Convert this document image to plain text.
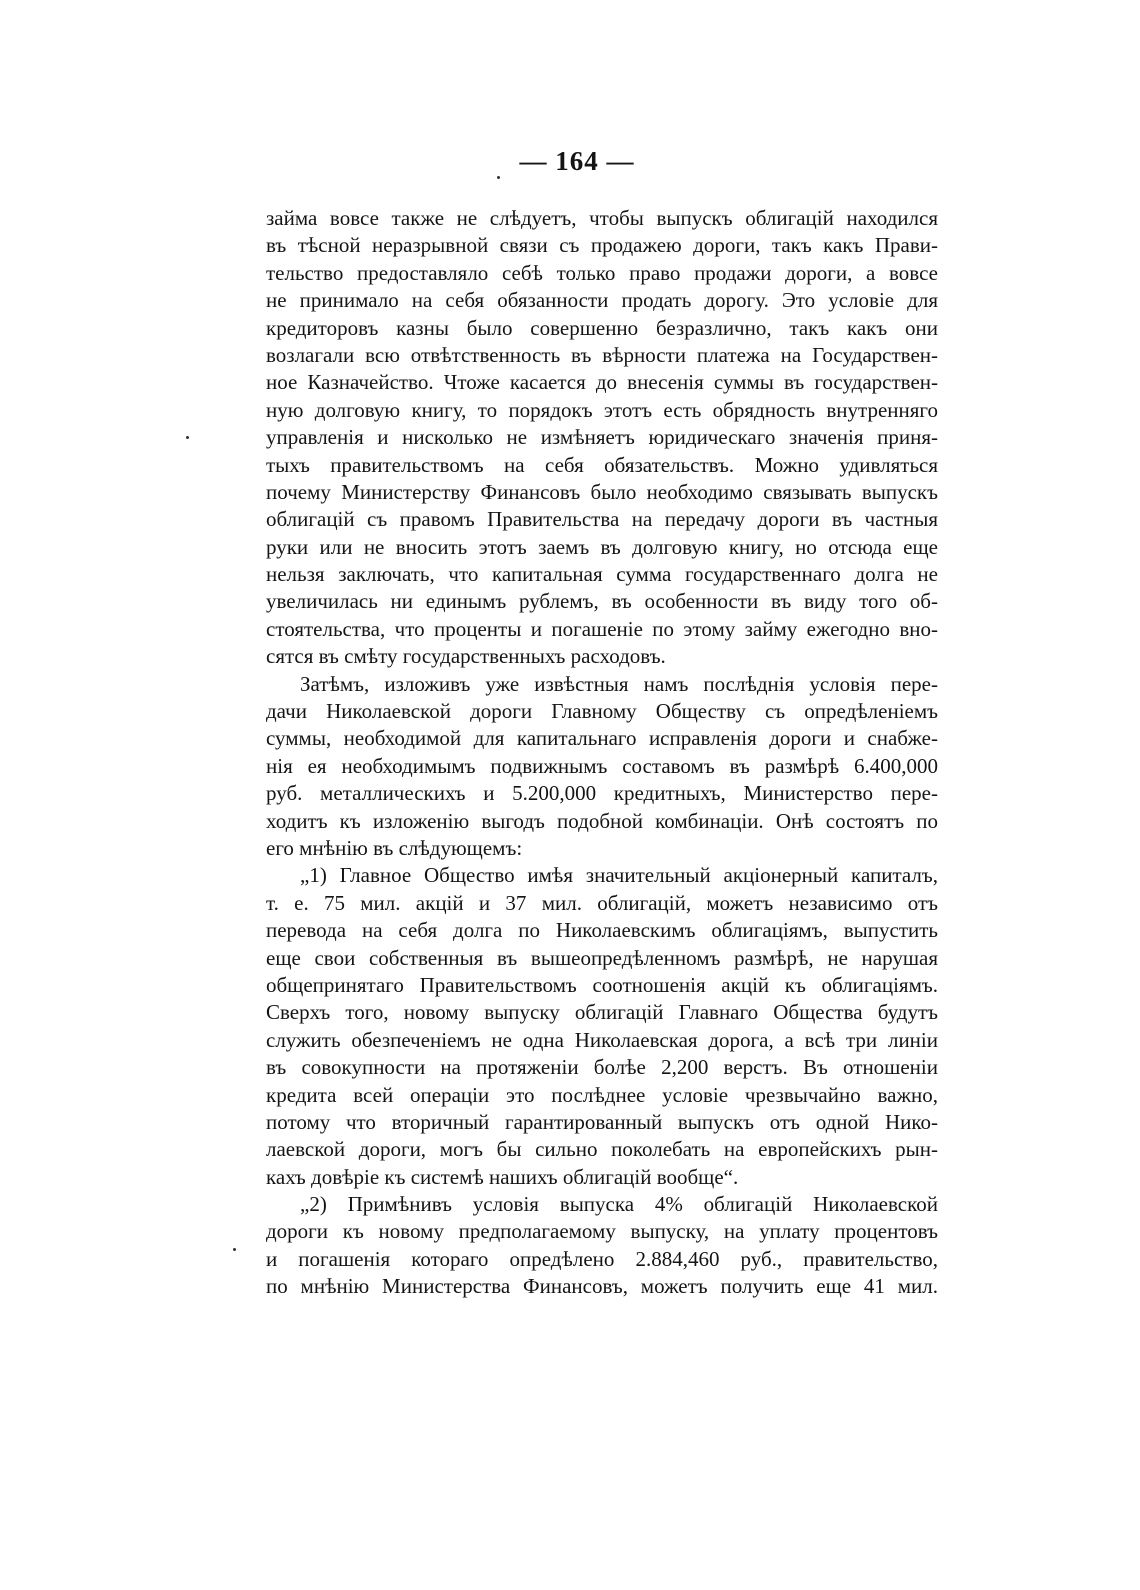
— 164 —
займа вовсе также не слѣдуетъ, чтобы выпускъ облигацій находился
въ тѣсной неразрывной связи съ продажею дороги, такъ какъ Прави-
тельство предоставляло себѣ только право продажи дороги, а вовсе
не принимало на себя обязанности продать дорогу. Это условіе для
кредиторовъ казны было совершенно безразлично, такъ какъ они
возлагали всю отвѣтственность въ вѣрности платежа на Государствен-
ное Казначейство. Чтоже касается до внесенія суммы въ государствен-
ную долговую книгу, то порядокъ этотъ есть обрядность внутренняго
управленія и нисколько не измѣняетъ юридическаго значенія приня-
тыхъ правительствомъ на себя обязательствъ. Можно удивляться
почему Министерству Финансовъ было необходимо связывать выпускъ
облигацій съ правомъ Правительства на передачу дороги въ частныя
руки или не вносить этотъ заемъ въ долговую книгу, но отсюда еще
нельзя заключать, что капитальная сумма государственнаго долга не
увеличилась ни единымъ рублемъ, въ особенности въ виду того об-
стоятельства, что проценты и погашеніе по этому займу ежегодно вно-
сятся въ смѣту государственныхъ расходовъ.
Затѣмъ, изложивъ уже извѣстныя намъ послѣднія условія пере-
дачи Николаевской дороги Главному Обществу съ опредѣленіемъ
суммы, необходимой для капитальнаго исправленія дороги и снабже-
нія ея необходимымъ подвижнымъ составомъ въ размѣрѣ 6.400,000
руб. металлическихъ и 5.200,000 кредитныхъ, Министерство пере-
ходитъ къ изложенію выгодъ подобной комбинаціи. Онѣ состоятъ по
его мнѣнію въ слѣдующемъ:
„1) Главное Общество имѣя значительный акціонерный капиталъ,
т. е. 75 мил. акцій и 37 мил. облигацій, можетъ независимо отъ
перевода на себя долга по Николаевскимъ облигаціямъ, выпустить
еще свои собственныя въ вышеопредѣленномъ размѣрѣ, не нарушая
общепринятаго Правительствомъ соотношенія акцій къ облигаціямъ.
Сверхъ того, новому выпуску облигацій Главнаго Общества будутъ
служить обезпеченіемъ не одна Николаевская дорога, а всѣ три линіи
въ совокупности на протяженіи болѣе 2,200 верстъ. Въ отношеніи
кредита всей операціи это послѣднее условіе чрезвычайно важно,
потому что вторичный гарантированный выпускъ отъ одной Нико-
лаевской дороги, могъ бы сильно поколебать на европейскихъ рын-
кахъ довѣріе къ системѣ нашихъ облигацій вообще“.
„2) Примѣнивъ условія выпуска 4% облигацій Николаевской
дороги къ новому предполагаемому выпуску, на уплату процентовъ
и погашенія котораго опредѣлено 2.884,460 руб., правительство,
по мнѣнію Министерства Финансовъ, можетъ получить еще 41 мил.
